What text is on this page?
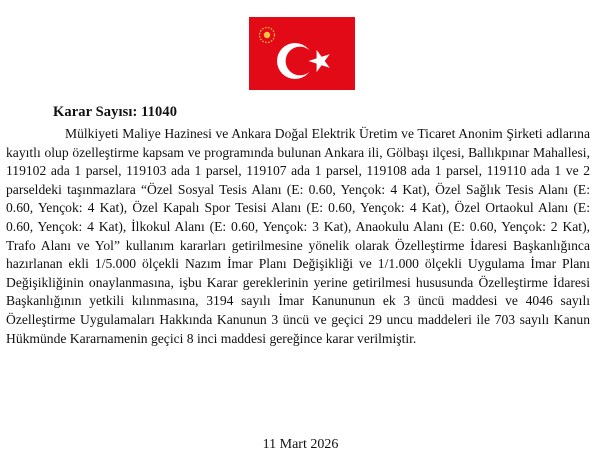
Karar Sayısı: 11040

Mülkiyeti Maliye Hazinesi ve Ankara Doğal Elektrik Üretim ve Ticaret Anonim Şirketi adlarına kayıtlı olup özelleştirme kapsam ve programında bulunan Ankara ili, Gölbaşı ilçesi, Ballıkpınar Mahallesi, 119102 ada 1 parsel, 119103 ada 1 parsel, 119107 ada 1 parsel, 119108 ada 1 parsel, 119110 ada 1 ve 2 parseldeki taşınmazlara “Özel Sosyal Tesis Alanı (E: 0.60, Yençok: 4 Kat), Özel Sağlık Tesis Alanı (E: 0.60, Yençok: 4 Kat), Özel Kapalı Spor Tesisi Alanı (E: 0.60, Yençok: 4 Kat), Özel Ortaokul Alanı (E: 0.60, Yençok: 4 Kat), İlkokul Alanı (E: 0.60, Yençok: 3 Kat), Anaokulu Alanı (E: 0.60, Yençok: 2 Kat), Trafo Alanı ve Yol” kullanım kararları getirilmesine yönelik olarak Özelleştirme İdaresi Başkanlığınca hazırlanan ekli 1/5.000 ölçekli Nazım İmar Planı Değişikliği ve 1/1.000 ölçekli Uygulama İmar Planı Değişikliğinin onaylanmasına, işbu Karar gereklerinin yerine getirilmesi hususunda Özelleştirme İdaresi Başkanlığının yetkili kılınmasına, 3194 sayılı İmar Kanununun ek 3 üncü maddesi ve 4046 sayılı Özelleştirme Uygulamaları Hakkında Kanunun 3 üncü ve geçici 29 uncu maddeleri ile 703 sayılı Kanun Hükmünde Kararnamenin geçici 8 inci maddesi gereğince karar verilmiştir.

11 Mart 2026
